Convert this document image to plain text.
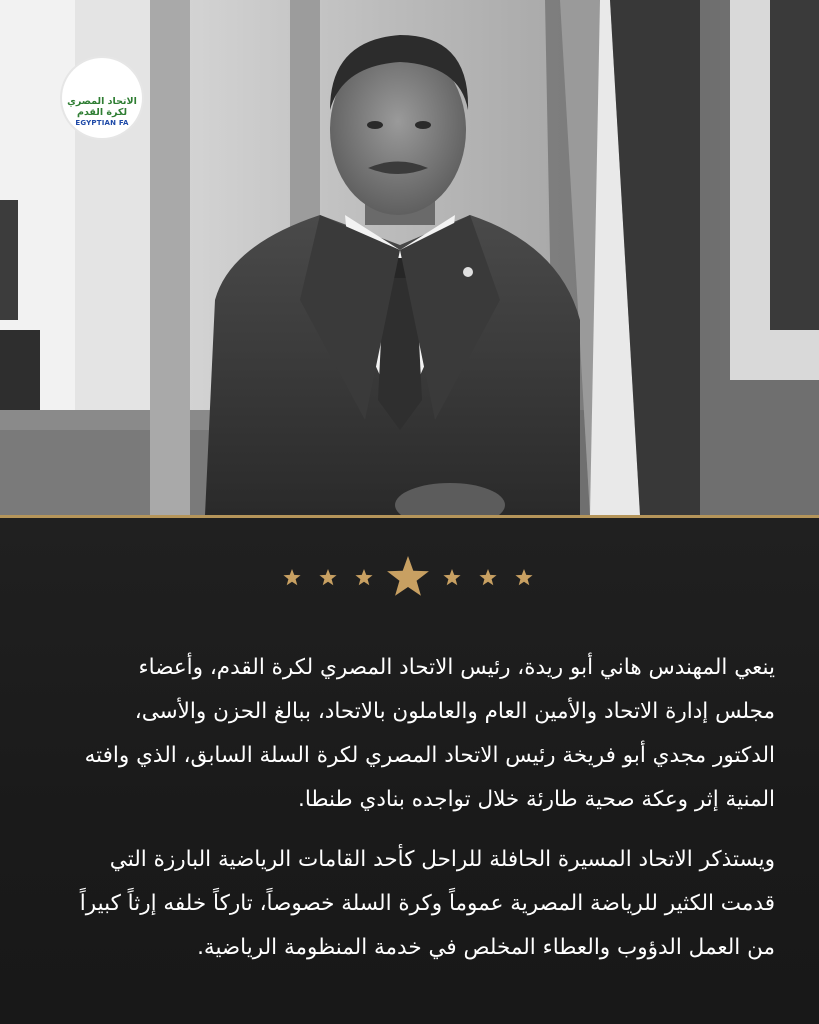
الاتحاد المصري لكرة القدم
EGYPTIAN FA
ينعي المهندس هاني أبو ريدة، رئيس الاتحاد المصري لكرة القدم، وأعضاء
مجلس إدارة الاتحاد والأمين العام والعاملون بالاتحاد، ببالغ الحزن والأسى،
الدكتور مجدي أبو فريخة رئيس الاتحاد المصري لكرة السلة السابق، الذي وافته
المنية إثر وعكة صحية طارئة خلال تواجده بنادي طنطا.
ويستذكر الاتحاد المسيرة الحافلة للراحل كأحد القامات الرياضية البارزة التي
قدمت الكثير للرياضة المصرية عموماً وكرة السلة خصوصاً، تاركاً خلفه إرثاً كبيراً
من العمل الدؤوب والعطاء المخلص في خدمة المنظومة الرياضية.
